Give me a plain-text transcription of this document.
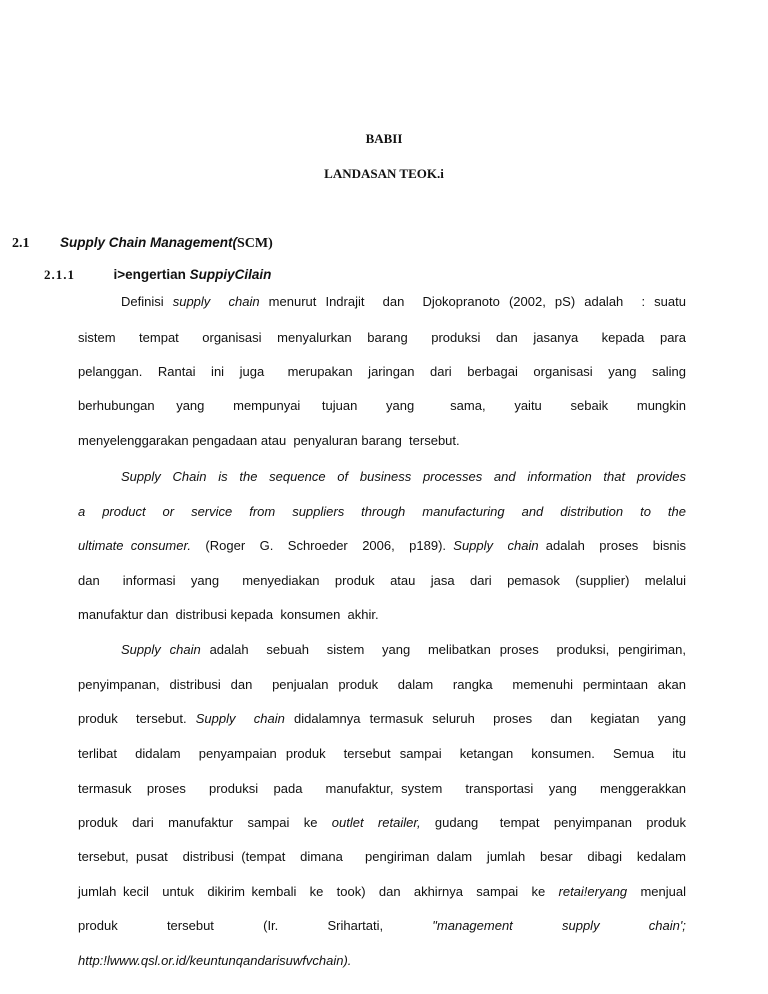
BABII
LANDASAN TEOK.i
2.1 Supply Chain Management(SCM)
2.1.1	i>engertian SuppiyCilain
Definisi supply  chain menurut Indrajit  dan  Djokopranoto (2002, pS) adalah  : suatu
sistem   tempat   organisasi  menyalurkan  barang   produksi  dan  jasanya   kepada  para
pelanggan.  Rantai  ini  juga   merupakan  jaringan  dari  berbagai  organisasi  yang  saling
berhubungan   yang    mempunyai   tujuan    yang     sama,    yaitu    sebaik    mungkin
menyelenggarakan pengadaan atau  penyaluran barang  tersebut.
Supply  Chain  is  the  sequence  of  business  processes  and  information  that  provides
a  product  or  service  from  suppliers  through  manufacturing  and  distribution  to  the
ultimate consumer.  (Roger  G.  Schroeder  2006,  p189). Supply  chain adalah  proses  bisnis
dan   informasi  yang   menyediakan  produk  atau  jasa  dari  pemasok  (supplier)  melalui
manufaktur dan  distribusi kepada  konsumen  akhir.
Supply chain adalah  sebuah  sistem  yang  melibatkan proses  produksi, pengiriman,
penyimpanan, distribusi dan  penjualan produk  dalam  rangka  memenuhi permintaan akan
produk  tersebut. Supply  chain didalamnya termasuk seluruh  proses  dan  kegiatan  yang
terlibat  didalam  penyampaian produk  tersebut sampai  ketangan  konsumen.  Semua  itu
termasuk  proses   produksi  pada   manufaktur, system   transportasi  yang   menggerakkan
produk  dari  manufaktur  sampai  ke  outlet  retailer,  gudang   tempat  penyimpanan  produk
tersebut, pusat  distribusi (tempat  dimana   pengiriman dalam  jumlah  besar  dibagi  kedalam
jumlah kecil  untuk  dikirim kembali  ke  took)  dan  akhirnya  sampai  ke  retai!eryang  menjual
produk	tersebut	(Ir.	Srihartati,	"management	supply	chain';
http:!lwww.qsl.or.id/keuntunqandarisuwfvchain).
